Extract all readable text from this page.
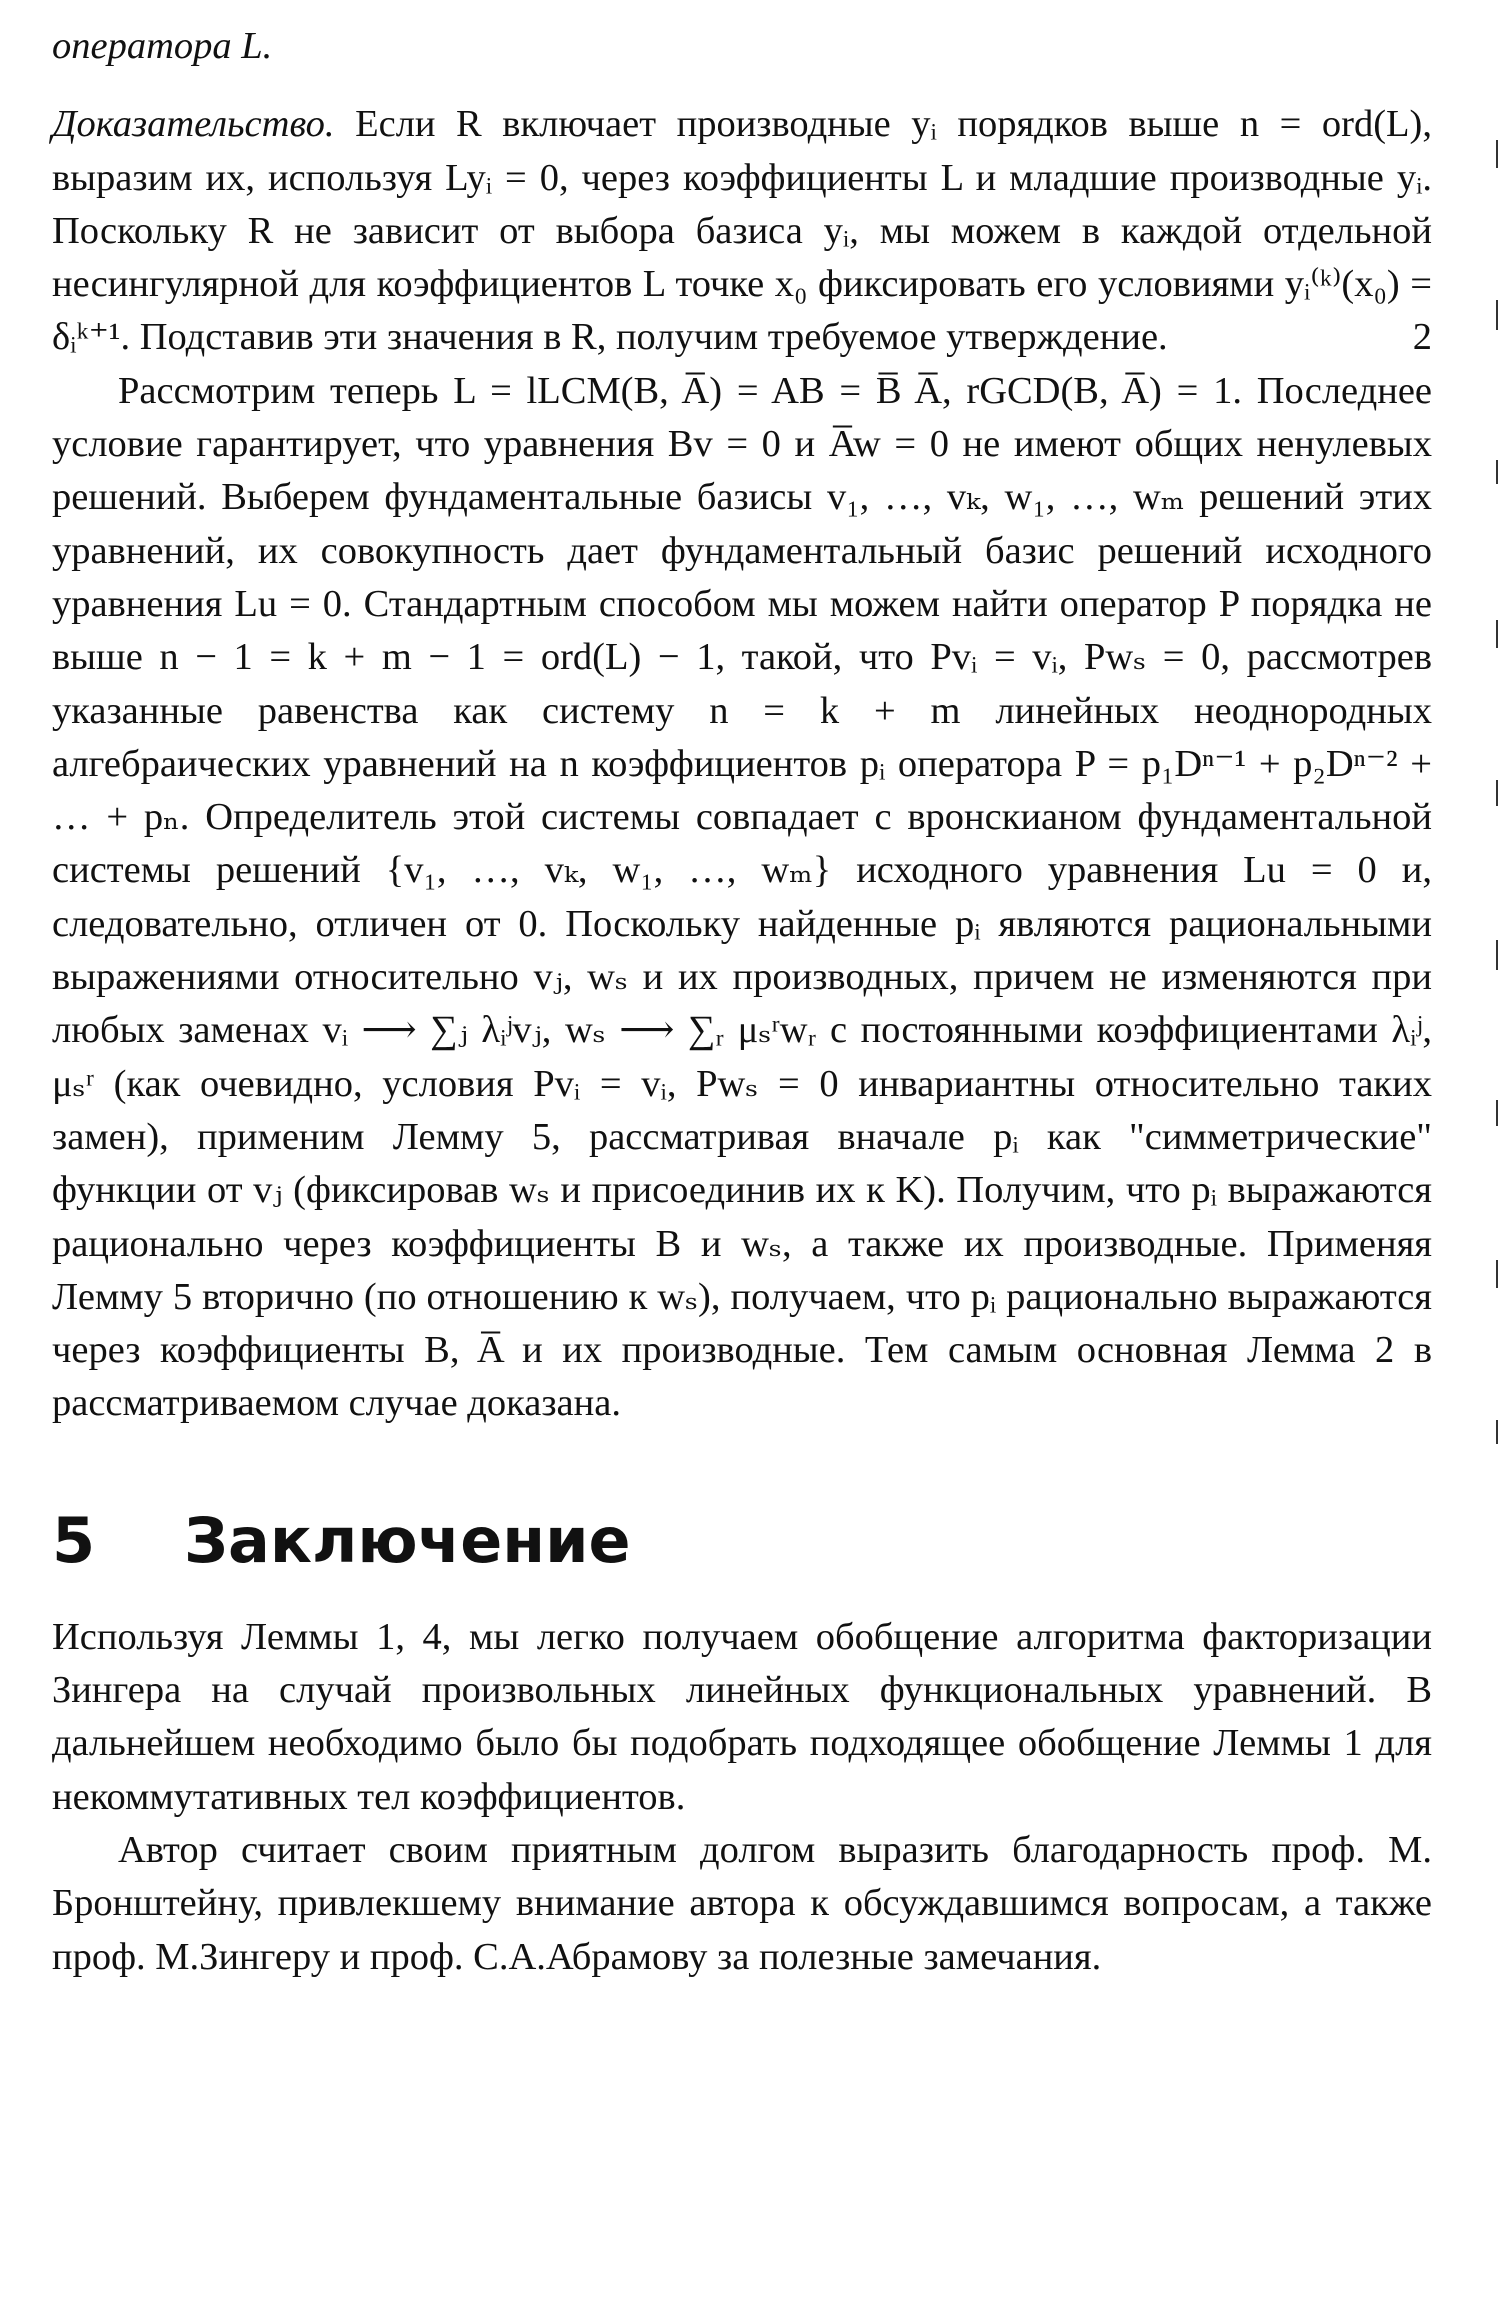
оператора L.

Доказательство. Если R включает производные yᵢ порядков выше n = ord(L), выразим их, используя Lyᵢ = 0, через коэффициенты L и младшие производные yᵢ. Поскольку R не зависит от выбора базиса yᵢ, мы можем в каждой отдельной несингулярной для коэффициентов L точке x₀ фиксировать его условиями yᵢ⁽ᵏ⁾(x₀) = δᵢᵏ⁺¹. Подставив эти значения в R, получим требуемое утверждение.	2

Рассмотрим теперь L = lLCM(B, A̅) = AB = B̅ A̅, rGCD(B, A̅) = 1. Последнее условие гарантирует, что уравнения Bv = 0 и A̅w = 0 не имеют общих ненулевых решений. Выберем фундаментальные базисы v₁, …, vₖ, w₁, …, wₘ решений этих уравнений, их совокупность дает фундаментальный базис решений исходного уравнения Lu = 0. Стандартным способом мы можем найти оператор P порядка не выше n − 1 = k + m − 1 = ord(L) − 1, такой, что Pvᵢ = vᵢ, Pwₛ = 0, рассмотрев указанные равенства как систему n = k + m линейных неоднородных алгебраических уравнений на n коэффициентов pᵢ оператора P = p₁Dⁿ⁻¹ + p₂Dⁿ⁻² + … + pₙ. Определитель этой системы совпадает с вронскианом фундаментальной системы решений {v₁, …, vₖ, w₁, …, wₘ} исходного уравнения Lu = 0 и, следовательно, отличен от 0. Поскольку найденные pᵢ являются рациональными выражениями относительно vⱼ, wₛ и их производных, причем не изменяются при любых заменах vᵢ ⟶ ∑ⱼ λᵢʲvⱼ, wₛ ⟶ ∑ᵣ μₛʳwᵣ с постоянными коэффициентами λᵢʲ, μₛʳ (как очевидно, условия Pvᵢ = vᵢ, Pwₛ = 0 инвариантны относительно таких замен), применим Лемму 5, рассматривая вначале pᵢ как "симметрические" функции от vⱼ (фиксировав wₛ и присоединив их к K). Получим, что pᵢ выражаются рационально через коэффициенты B и wₛ, а также их производные. Применяя Лемму 5 вторично (по отношению к wₛ), получаем, что pᵢ рационально выражаются через коэффициенты B, A̅ и их производные. Тем самым основная Лемма 2 в рассматриваемом случае доказана.

5 Заключение

Используя Леммы 1, 4, мы легко получаем обобщение алгоритма факторизации Зингера на случай произвольных линейных функциональных уравнений. В дальнейшем необходимо было бы подобрать подходящее обобщение Леммы 1 для некоммутативных тел коэффициентов.

Автор считает своим приятным долгом выразить благодарность проф. М. Бронштейну, привлекшему внимание автора к обсуждавшимся вопросам, а также проф. М.Зингеру и проф. С.А.Абрамову за полезные замечания.
